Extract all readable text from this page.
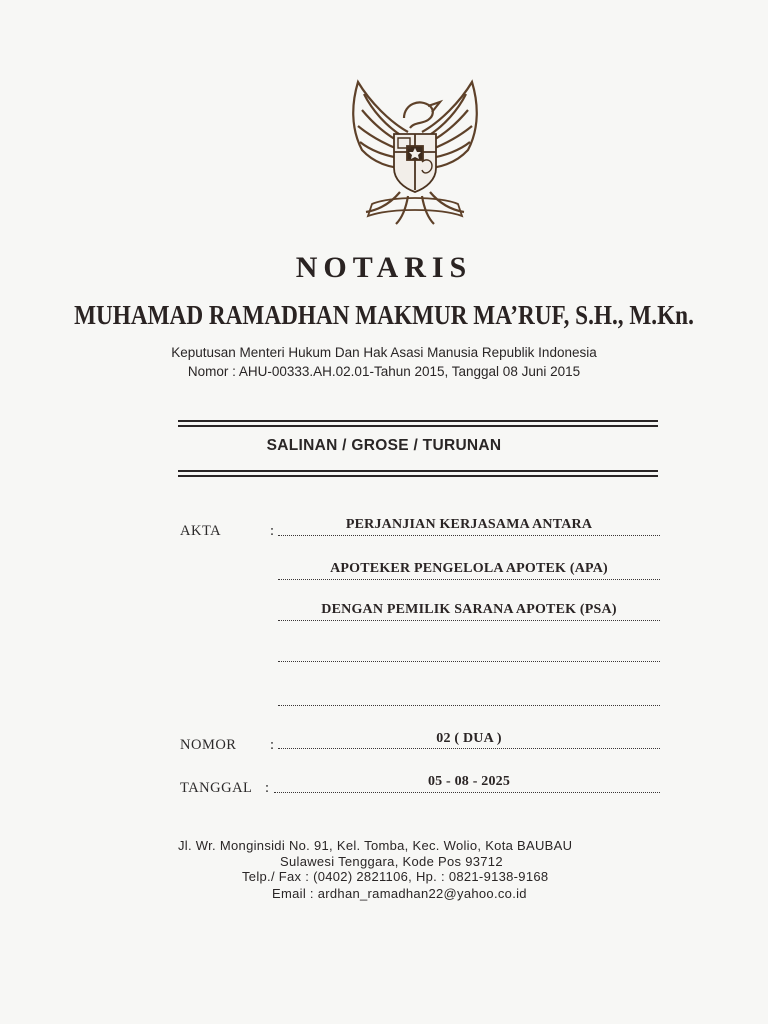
NOTARIS
MUHAMAD RAMADHAN MAKMUR MA’RUF, S.H., M.Kn.
Keputusan Menteri Hukum Dan Hak Asasi Manusia Republik Indonesia
Nomor : AHU-00333.AH.02.01-Tahun 2015, Tanggal 08 Juni 2015
SALINAN / GROSE / TURUNAN
AKTA	:	PERJANJIAN KERJASAMA ANTARA
APOTEKER PENGELOLA APOTEK (APA)
DENGAN PEMILIK SARANA APOTEK (PSA)
NOMOR :	02 ( DUA )
TANGGAL :	05 - 08 - 2025
Jl. Wr. Monginsidi No. 91, Kel. Tomba, Kec. Wolio, Kota BAUBAU
Sulawesi Tenggara, Kode Pos 93712
Telp./ Fax : (0402) 2821106, Hp. : 0821-9138-9168
Email : ardhan_ramadhan22@yahoo.co.id
